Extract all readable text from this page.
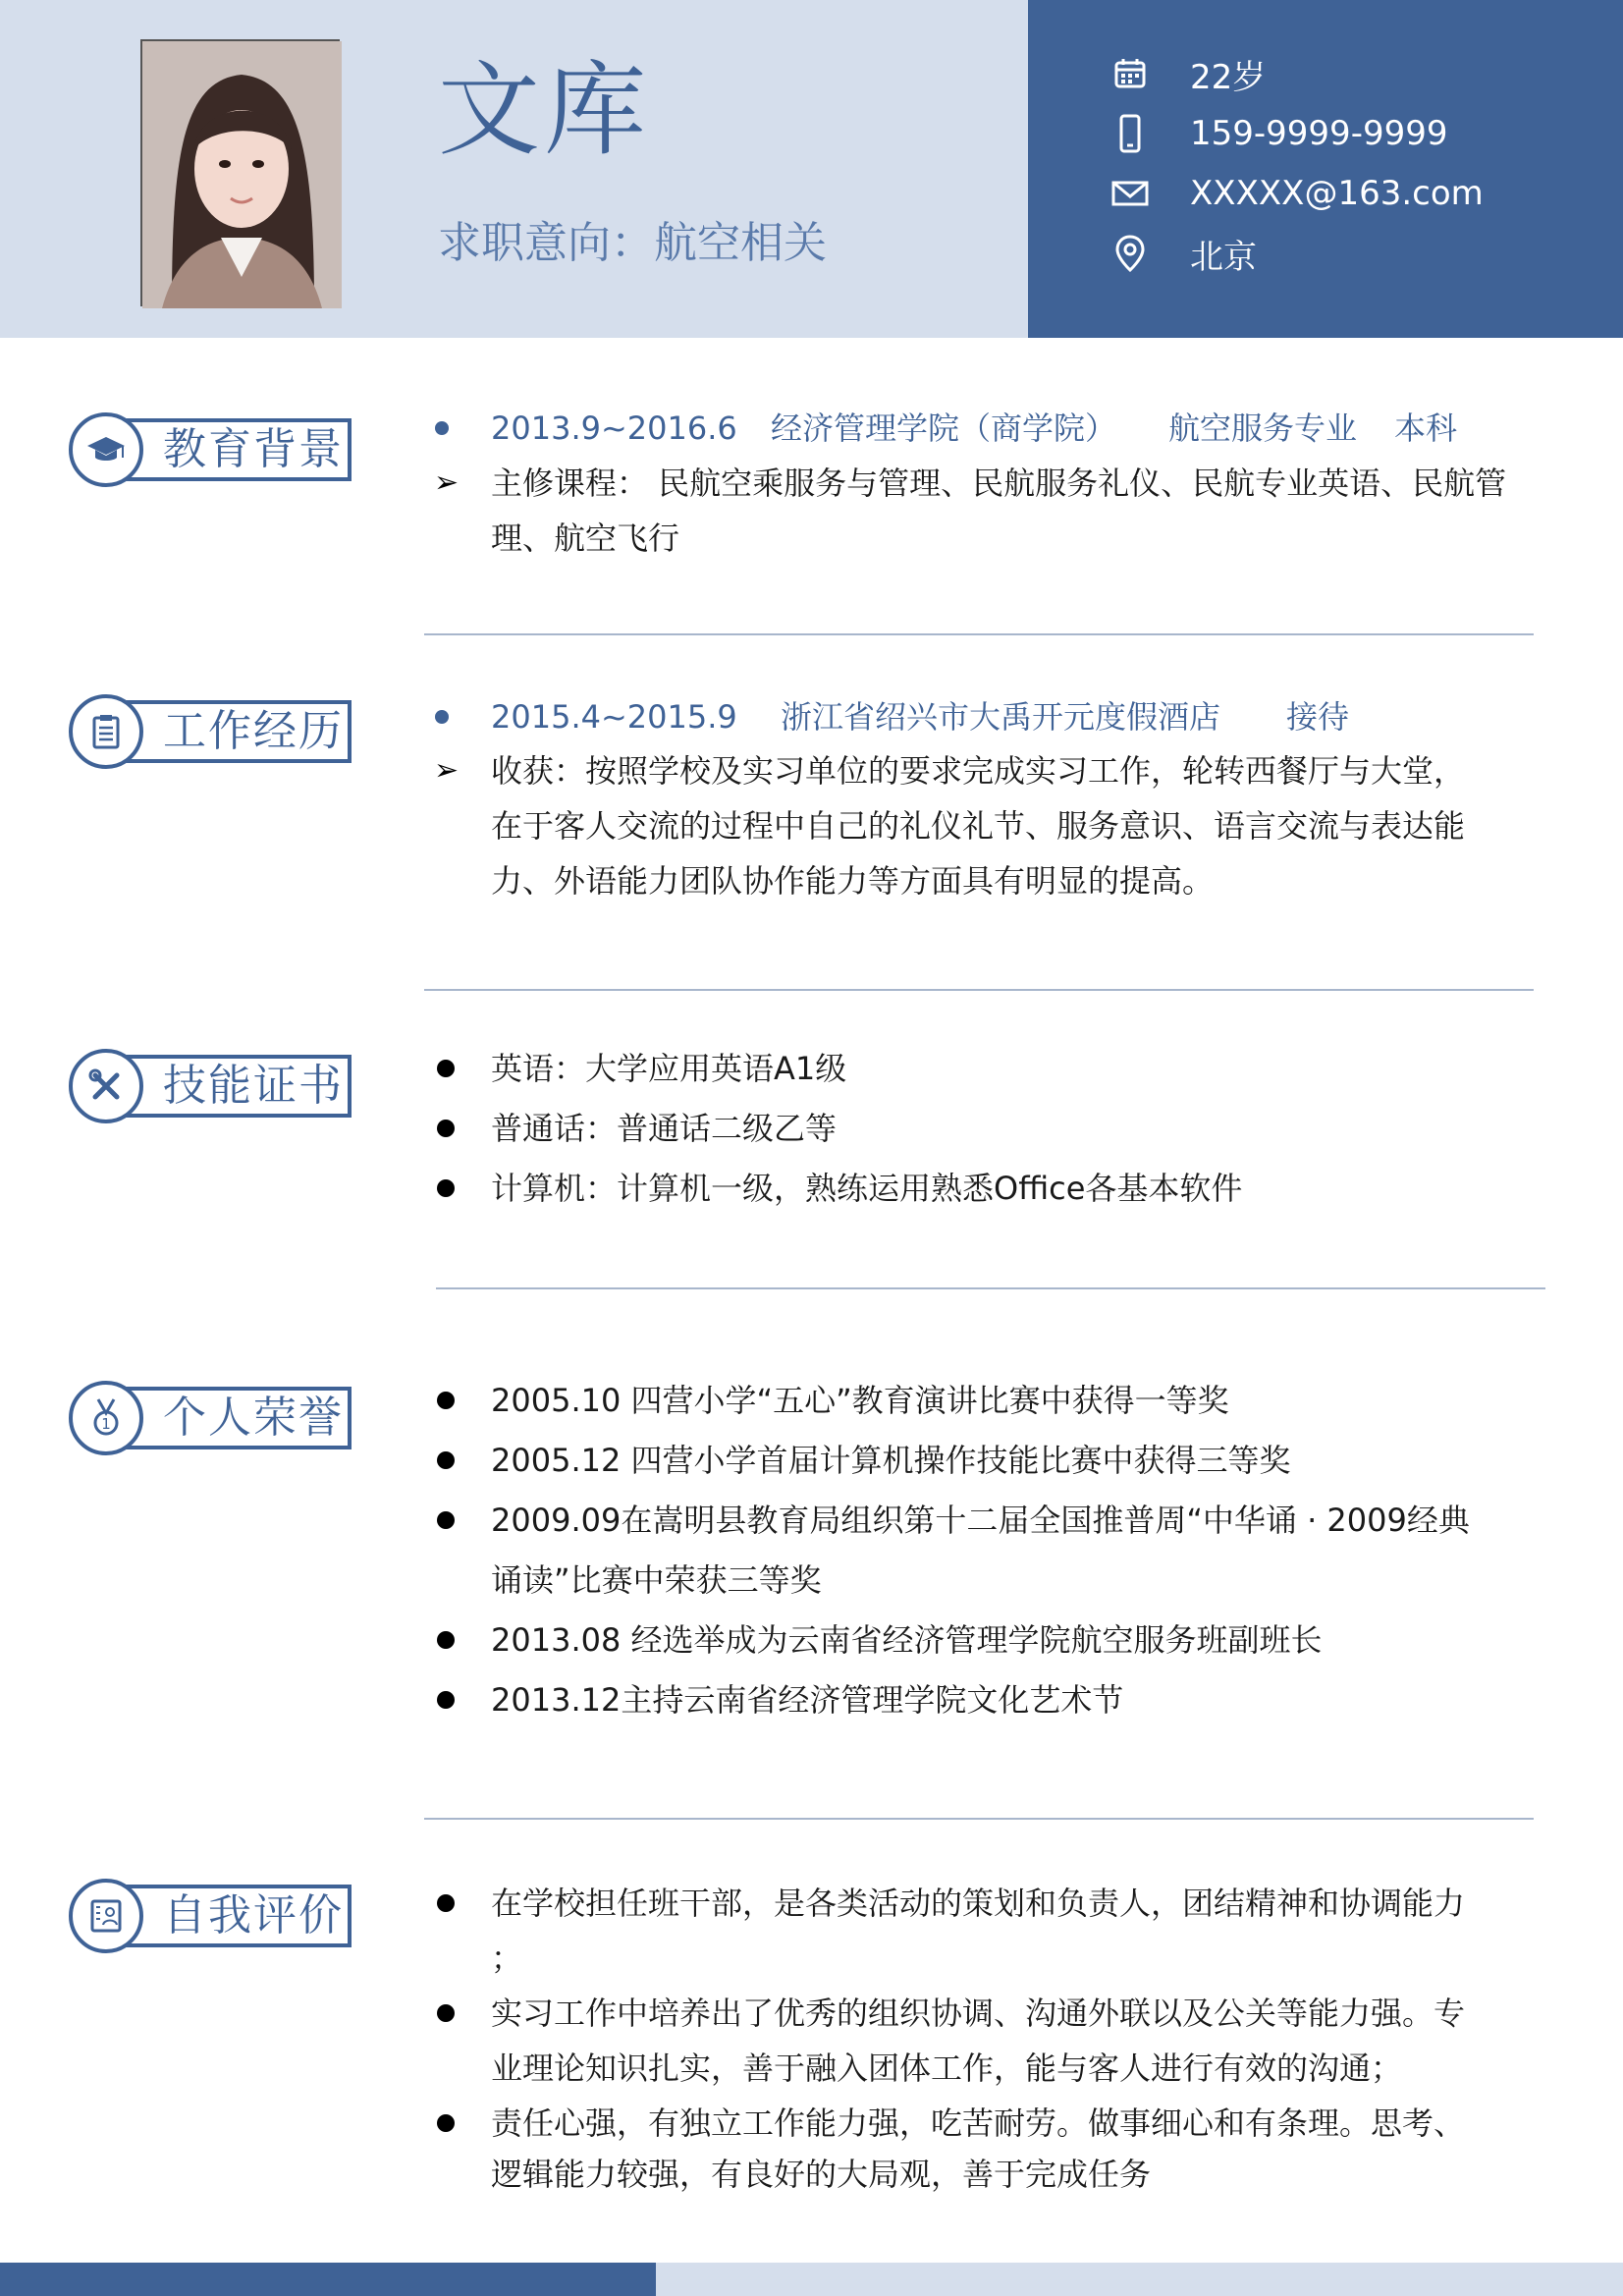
文库
求职意向：航空相关
22岁
159-9999-9999
XXXXX@163.com
北京
教育背景	2013.9~2016.6 经济管理学院（商学院） 航空服务专业 本科
➢ 主修课程： 民航空乘服务与管理、民航服务礼仪、民航专业英语、民航管
理、航空飞行
工作经历	2015.4~2015.9 浙江省绍兴市大禹开元度假酒店 接待
➢ 收获：按照学校及实习单位的要求完成实习工作，轮转西餐厅与大堂，
在于客人交流的过程中自己的礼仪礼节、服务意识、语言交流与表达能
力、外语能力团队协作能力等方面具有明显的提高。
技能证书	英语：大学应用英语A1级
普通话：普通话二级乙等
计算机：计算机一级，熟练运用熟悉Office各基本软件
1 个人荣誉	2005.10 四营小学“五心”教育演讲比赛中获得一等奖
2005.12 四营小学首届计算机操作技能比赛中获得三等奖
2009.09在嵩明县教育局组织第十二届全国推普周“中华诵 · 2009经典
诵读”比赛中荣获三等奖
2013.08 经选举成为云南省经济管理学院航空服务班副班长
2013.12主持云南省经济管理学院文化艺术节
自我评价	在学校担任班干部，是各类活动的策划和负责人，团结精神和协调能力
；
实习工作中培养出了优秀的组织协调、沟通外联以及公关等能力强。专
业理论知识扎实，善于融入团体工作，能与客人进行有效的沟通；
责任心强，有独立工作能力强，吃苦耐劳。做事细心和有条理。思考、
逻辑能力较强，有良好的大局观，善于完成任务
